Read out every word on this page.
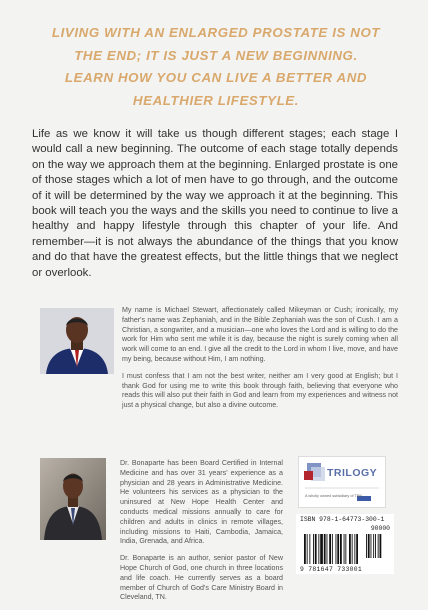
LIVING WITH AN ENLARGED PROSTATE IS NOT
THE END; IT IS JUST A NEW BEGINNING.
LEARN HOW YOU CAN LIVE A BETTER AND
HEALTHIER LIFESTYLE.
Life as we know it will take us though different stages; each stage I would call a new beginning. The outcome of each stage totally depends on the way we approach them at the beginning. Enlarged prostate is one of those stages which a lot of men have to go through, and the outcome of it will be determined by the way we approach it at the beginning. This book will teach you the ways and the skills you need to continue to live a healthy and happy lifestyle through this chapter of your life. And remember—it is not always the abundance of the things that you know and do that have the greatest effects, but the little things that we neglect or overlook.

My name is Michael Stewart, affectionately called Mikeyman or Cush; ironically, my father's name was Zephaniah, and in the Bible Zephaniah was the son of Cush. I am a Christian, a songwriter, and a musician—one who loves the Lord and is willing to do the work for Him who sent me while it is day, because the night is surely coming when all work will come to an end. I give all the credit to the Lord in whom I live, move, and have my being, because without Him, I am nothing.

I must confess that I am not the best writer, neither am I very good at English; but I thank God for using me to write this book through faith, believing that everyone who reads this will also put their faith in God and learn from my experiences and witness not just a physical change, but also a divine outcome.

Dr. Bonaparte has been Board Certified in Internal Medicine and has over 31 years' experience as a physician and 28 years in Administrative Medicine. He volunteers his services as a physician to the uninsured at New Hope Health Center and conducts medical missions annually to care for children and adults in clinics in remote villages, including missions to Haiti, Cambodia, Jamaica, India, Grenada, and Africa.

Dr. Bonaparte is an author, senior pastor of New Hope Church of God, one church in three locations and life coach. He currently serves as a board member of Church of God's Care Ministry Board in Cleveland, TN.

TRILOGY
A wholly owned subsidiary of TBN
ISBN 978-1-64773-300-1
90000
9 781647 733001
